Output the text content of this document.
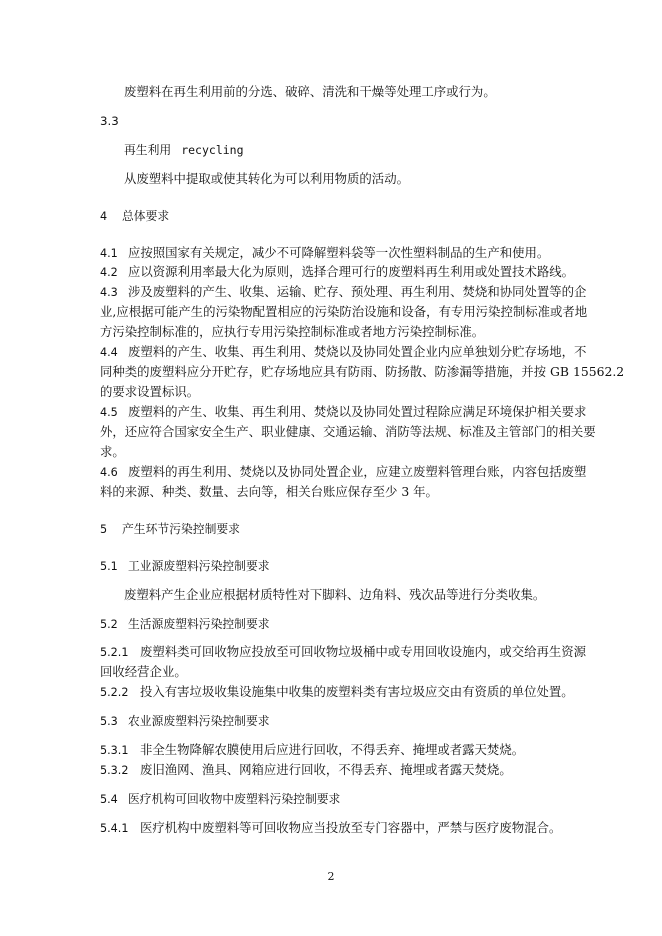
废塑料在再生利用前的分选、破碎、清洗和干燥等处理工序或行为。
3.3
再生利用 recycling
从废塑料中提取或使其转化为可以利用物质的活动。
4 总体要求
4.1 应按照国家有关规定，减少不可降解塑料袋等一次性塑料制品的生产和使用。
4.2 应以资源利用率最大化为原则，选择合理可行的废塑料再生利用或处置技术路线。
4.3 涉及废塑料的产生、收集、运输、贮存、预处理、再生利用、焚烧和协同处置等的企
业,应根据可能产生的污染物配置相应的污染防治设施和设备，有专用污染控制标准或者地
方污染控制标准的，应执行专用污染控制标准或者地方污染控制标准。
4.4 废塑料的产生、收集、再生利用、焚烧以及协同处置企业内应单独划分贮存场地，不
同种类的废塑料应分开贮存，贮存场地应具有防雨、防扬散、防渗漏等措施，并按 GB 15562.2
的要求设置标识。
4.5 废塑料的产生、收集、再生利用、焚烧以及协同处置过程除应满足环境保护相关要求
外，还应符合国家安全生产、职业健康、交通运输、消防等法规、标准及主管部门的相关要
求。
4.6 废塑料的再生利用、焚烧以及协同处置企业，应建立废塑料管理台账，内容包括废塑
料的来源、种类、数量、去向等，相关台账应保存至少 3 年。
5 产生环节污染控制要求
5.1 工业源废塑料污染控制要求
废塑料产生企业应根据材质特性对下脚料、边角料、残次品等进行分类收集。
5.2 生活源废塑料污染控制要求
5.2.1 废塑料类可回收物应投放至可回收物垃圾桶中或专用回收设施内，或交给再生资源
回收经营企业。
5.2.2 投入有害垃圾收集设施集中收集的废塑料类有害垃圾应交由有资质的单位处置。
5.3 农业源废塑料污染控制要求
5.3.1 非全生物降解农膜使用后应进行回收，不得丢弃、掩埋或者露天焚烧。
5.3.2 废旧渔网、渔具、网箱应进行回收，不得丢弃、掩埋或者露天焚烧。
5.4 医疗机构可回收物中废塑料污染控制要求
5.4.1 医疗机构中废塑料等可回收物应当投放至专门容器中，严禁与医疗废物混合。
2
